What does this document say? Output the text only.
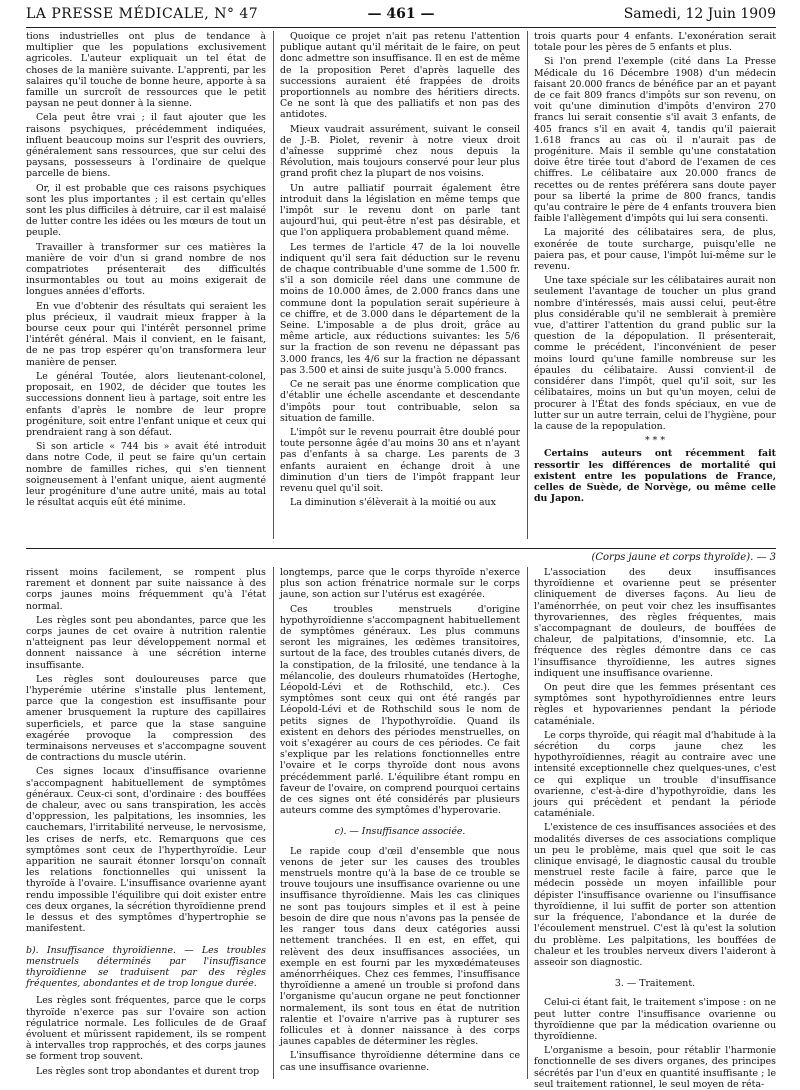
LA PRESSE MÉDICALE, N° 47	— 461 —	Samedi, 12 Juin 1909

tions industrielles ont plus de tendance à multiplier que les populations exclusivement agricoles. L'auteur expliquait un tel état de choses de la manière suivante. L'apprenti, par les salaires qu'il touche de bonne heure, apporte à sa famille un surcroît de ressources que le petit paysan ne peut donner à la sienne.

Cela peut être vrai ; il faut ajouter que les raisons psychiques, précédemment indiquées, influent beaucoup moins sur l'esprit des ouvriers, généralement sans ressources, que sur celui des paysans, possesseurs à l'ordinaire de quelque parcelle de biens.

Or, il est probable que ces raisons psychiques sont les plus importantes ; il est certain qu'elles sont les plus difficiles à détruire, car il est malaisé de lutter contre les idées ou les mœurs de tout un peuple.

Travailler à transformer sur ces matières la manière de voir d'un si grand nombre de nos compatriotes présenterait des difficultés insurmontables ou tout au moins exigerait de longues années d'efforts.

En vue d'obtenir des résultats qui seraient les plus précieux, il vaudrait mieux frapper à la bourse ceux pour qui l'intérêt personnel prime l'intérêt général. Mais il convient, en le faisant, de ne pas trop espérer qu'on transformera leur manière de penser.

Le général Toutée, alors lieutenant-colonel, proposait, en 1902, de décider que toutes les successions donnent lieu à partage, soit entre les enfants d'après le nombre de leur propre progéniture, soit entre l'enfant unique et ceux qui prendraient rang à son défaut.

Si son article « 744 bis » avait été introduit dans notre Code, il peut se faire qu'un certain nombre de familles riches, qui s'en tiennent soigneusement à l'enfant unique, aient augmenté leur progéniture d'une autre unité, mais au total le résultat acquis eût été minime.

Quoique ce projet n'ait pas retenu l'attention publique autant qu'il méritait de le faire, on peut donc admettre son insuffisance. Il en est de même de la proposition Peret d'après laquelle des successions auraient été frappées de droits proportionnels au nombre des héritiers directs. Ce ne sont là que des palliatifs et non pas des antidotes.

Mieux vaudrait assurément, suivant le conseil de J.-B. Piolet, revenir à notre vieux droit d'aînesse supprimé chez nous depuis la Révolution, mais toujours conservé pour leur plus grand profit chez la plupart de nos voisins.

Un autre palliatif pourrait également être introduit dans la législation en même temps que l'impôt sur le revenu dont on parle tant aujourd'hui, qui peut-être n'est pas désirable, et que l'on appliquera probablement quand même.

Les termes de l'article 47 de la loi nouvelle indiquent qu'il sera fait déduction sur le revenu de chaque contribuable d'une somme de 1.500 fr. s'il a son domicile réel dans une commune de moins de 10.000 âmes, de 2.000 francs dans une commune dont la population serait supérieure à ce chiffre, et de 3.000 dans le département de la Seine. L'imposable a de plus droit, grâce au même article, aux réductions suivantes: les 5/6 sur la fraction de son revenu ne dépassant pas 3.000 francs, les 4/6 sur la fraction ne dépassant pas 3.500 et ainsi de suite jusqu'à 5.000 francs.

Ce ne serait pas une énorme complication que d'établir une échelle ascendante et descendante d'impôts pour tout contribuable, selon sa situation de famille.

L'impôt sur le revenu pourrait être doublé pour toute personne âgée d'au moins 30 ans et n'ayant pas d'enfants à sa charge. Les parents de 3 enfants auraient en échange droit à une diminution d'un tiers de l'impôt frappant leur revenu quel qu'il soit.

La diminution s'élèverait à la moitié ou aux

trois quarts pour 4 enfants. L'exonération serait totale pour les pères de 5 enfants et plus.

Si l'on prend l'exemple (cité dans La Presse Médicale du 16 Décembre 1908) d'un médecin faisant 20.000 francs de bénéfice par an et payant de ce fait 809 francs d'impôts sur son revenu, on voit qu'une diminution d'impôts d'environ 270 francs lui serait consentie s'il avait 3 enfants, de 405 francs s'il en avait 4, tandis qu'il paierait 1.618 francs au cas où il n'aurait pas de progéniture. Mais il semble qu'une constatation doive être tirée tout d'abord de l'examen de ces chiffres. Le célibataire aux 20.000 francs de recettes ou de rentes préférera sans doute payer pour sa liberté la prime de 800 francs, tandis qu'au contraire le père de 4 enfants trouvera bien faible l'allègement d'impôts qui lui sera consenti.

La majorité des célibataires sera, de plus, exonérée de toute surcharge, puisqu'elle ne paiera pas, et pour cause, l'impôt lui-même sur le revenu.

Une taxe spéciale sur les célibataires aurait non seulement l'avantage de toucher un plus grand nombre d'intéressés, mais aussi celui, peut-être plus considérable qu'il ne semblerait à première vue, d'attirer l'attention du grand public sur la question de la dépopulation. Il présenterait, comme le précédent, l'inconvénient de peser moins lourd qu'une famille nombreuse sur les épaules du célibataire. Aussi convient-il de considérer dans l'impôt, quel qu'il soit, sur les célibataires, moins un but qu'un moyen, celui de procurer à l'État des fonds spéciaux, en vue de lutter sur un autre terrain, celui de l'hygiène, pour la cause de la repopulation.

* * *

Certains auteurs ont récemment fait ressortir les différences de mortalité qui existent entre les populations de France, celles de Suède, de Norvège, ou même celle du Japon.

(Corps jaune et corps thyroïde). — 3

rissent moins facilement, se rompent plus rarement et donnent par suite naissance à des corps jaunes moins fréquemment qu'à l'état normal.

Les règles sont peu abondantes, parce que les corps jaunes de cet ovaire à nutrition ralentie n'atteignent pas leur développement normal et donnent naissance à une sécrétion interne insuffisante.

Les règles sont douloureuses parce que l'hyperémie utérine s'installe plus lentement, parce que la congestion est insuffisante pour amener brusquement la rupture des capillaires superficiels, et parce que la stase sanguine exagérée provoque la compression des terminaisons nerveuses et s'accompagne souvent de contractions du muscle utérin.

Ces signes locaux d'insuffisance ovarienne s'accompagnent habituellement de symptômes généraux. Ceux-ci sont, d'ordinaire : des bouffées de chaleur, avec ou sans transpiration, les accès d'oppression, les palpitations, les insomnies, les cauchemars, l'irritabilité nerveuse, le nervosisme, les crises de nerfs, etc. Remarquons que ces symptômes sont ceux de l'hyperthyroïdie. Leur apparition ne saurait étonner lorsqu'on connaît les relations fonctionnelles qui unissent la thyroïde à l'ovaire. L'insuffisance ovarienne ayant rendu impossible l'équilibre qui doit exister entre ces deux organes, la sécrétion thyroïdienne prend le dessus et des symptômes d'hypertrophie se manifestent.

b). Insuffisance thyroïdienne. — Les troubles menstruels déterminés par l'insuffisance thyroïdienne se traduisent par des règles fréquentes, abondantes et de trop longue durée.

Les règles sont fréquentes, parce que le corps thyroïde n'exerce pas sur l'ovaire son action régulatrice normale. Les follicules de de Graaf évoluent et mûrissent rapidement, ils se rompent à intervalles trop rapprochés, et des corps jaunes se forment trop souvent.

Les règles sont trop abondantes et durent trop

longtemps, parce que le corps thyroïde n'exerce plus son action frénatrice normale sur le corps jaune, son action sur l'utérus est exagérée.

Ces troubles menstruels d'origine hypothyroïdienne s'accompagnent habituellement de symptômes généraux. Les plus communs seront les migraines, les œdèmes transitoires, surtout de la face, des troubles cutanés divers, de la constipation, de la frilosité, une tendance à la mélancolie, des douleurs rhumatoïdes (Hertoghe, Léopold-Lévi et de Rothschild, etc.). Ces symptômes sont ceux qui ont été rangés par Léopold-Lévi et de Rothschild sous le nom de petits signes de l'hypothyroïdie. Quand ils existent en dehors des périodes menstruelles, on voit s'exagérer au cours de ces périodes. Ce fait s'explique par les relations fonctionnelles entre l'ovaire et le corps thyroïde dont nous avons précédemment parlé. L'équilibre étant rompu en faveur de l'ovaire, on comprend pourquoi certains de ces signes ont été considérés par plusieurs auteurs comme des symptômes d'hyperovarie.

c). — Insuffisance associée.

Le rapide coup d'œil d'ensemble que nous venons de jeter sur les causes des troubles menstruels montre qu'à la base de ce trouble se trouve toujours une insuffisance ovarienne ou une insuffisance thyroïdienne. Mais les cas cliniques ne sont pas toujours simples et il est à peine besoin de dire que nous n'avons pas la pensée de les ranger tous dans deux catégories aussi nettement tranchées. Il en est, en effet, qui relèvent des deux insuffisances associées, un exemple en est fourni par les myxœdémateuses aménorrhéiques. Chez ces femmes, l'insuffisance thyroïdienne a amené un trouble si profond dans l'organisme qu'aucun organe ne peut fonctionner normalement, ils sont tous en état de nutrition ralentie et l'ovaire n'arrive pas à rupturer ses follicules et à donner naissance à des corps jaunes capables de déterminer les règles.

L'insuffisance thyroïdienne détermine dans ce cas une insuffisance ovarienne.

L'association des deux insuffisances thyroïdienne et ovarienne peut se présenter cliniquement de diverses façons. Au lieu de l'aménorrhée, on peut voir chez les insuffisantes thyrovariennes, des règles fréquentes, mais s'accompagnant de douleurs, de bouffées de chaleur, de palpitations, d'insomnie, etc. La fréquence des règles démontre dans ce cas l'insuffisance thyroïdienne, les autres signes indiquent une insuffisance ovarienne.

On peut dire que les femmes présentant ces symptômes sont hypothyroïdiennes entre leurs règles et hypovariennes pendant la période cataméniale.

Le corps thyroïde, qui réagit mal d'habitude à la sécrétion du corps jaune chez les hypothyroïdiennes, réagit au contraire avec une intensité exceptionnelle chez quelques-unes, c'est ce qui explique un trouble d'insuffisance ovarienne, c'est-à-dire d'hypothyroïdie, dans les jours qui précèdent et pendant la période cataméniale.

L'existence de ces insuffisances associées et des modalités diverses de ces associations complique un peu le problème, mais quel que soit le cas clinique envisagé, le diagnostic causal du trouble menstruel reste facile à faire, parce que le médecin possède un moyen infaillible pour dépister l'insuffisance ovarienne ou l'insuffisance thyroïdienne, il lui suffit de porter son attention sur la fréquence, l'abondance et la durée de l'écoulement menstruel. C'est là qu'est la solution du problème. Les palpitations, les bouffées de chaleur et les troubles nerveux divers l'aideront à asseoir son diagnostic.

3. — Traitement.

Celui-ci étant fait, le traitement s'impose : on ne peut lutter contre l'insuffisance ovarienne ou thyroïdienne que par la médication ovarienne ou thyroïdienne.

L'organisme a besoin, pour rétablir l'harmonie fonctionnelle de ses divers organes, des principes sécrétés par l'un d'eux en quantité insuffisante ; le seul traitement rationnel, le seul moyen de réta-
